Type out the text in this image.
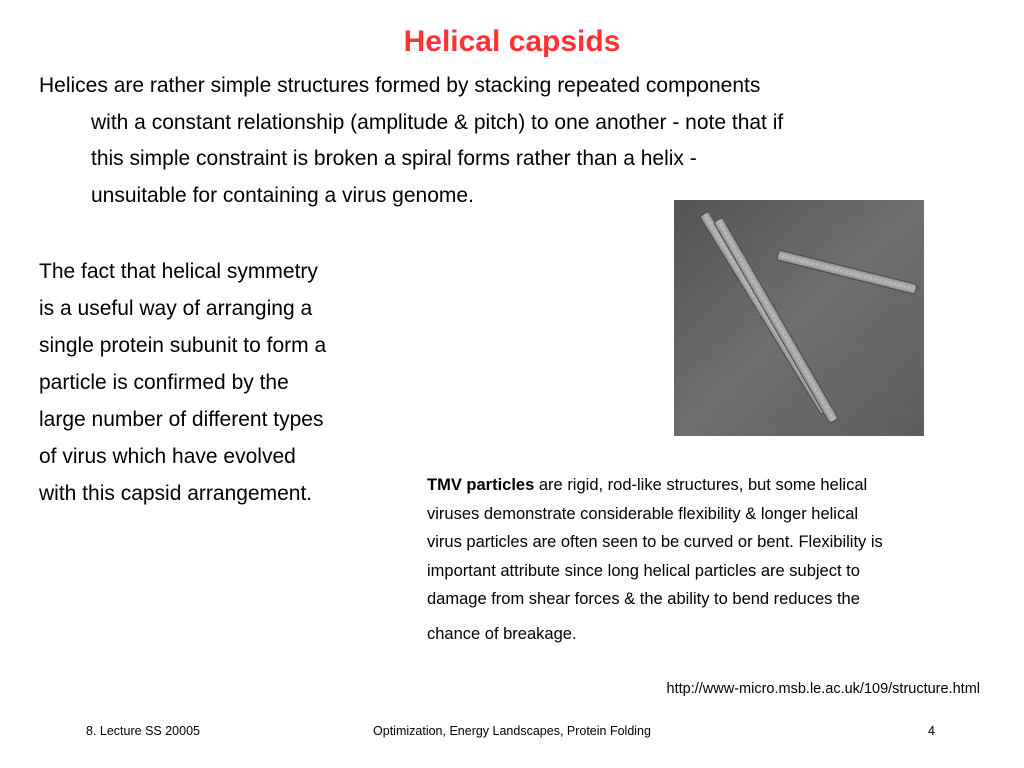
Helical capsids
Helices are rather simple structures formed by stacking repeated components
with a constant relationship (amplitude & pitch) to one another - note that if
this simple constraint is broken a spiral forms rather than a helix -
unsuitable for containing a virus genome.
The fact that helical symmetry
is a useful way of arranging a
single protein subunit to form a
particle is confirmed by the
large number of different types
of virus which have evolved
with this capsid arrangement.	TMV particles are rigid, rod-like structures, but some helical
viruses demonstrate considerable flexibility & longer helical
virus particles are often seen to be curved or bent. Flexibility is
important attribute since long helical particles are subject to
damage from shear forces & the ability to bend reduces the
chance of breakage.
http://www-micro.msb.le.ac.uk/109/structure.html
8. Lecture SS 20005	Optimization, Energy Landscapes, Protein Folding	4
